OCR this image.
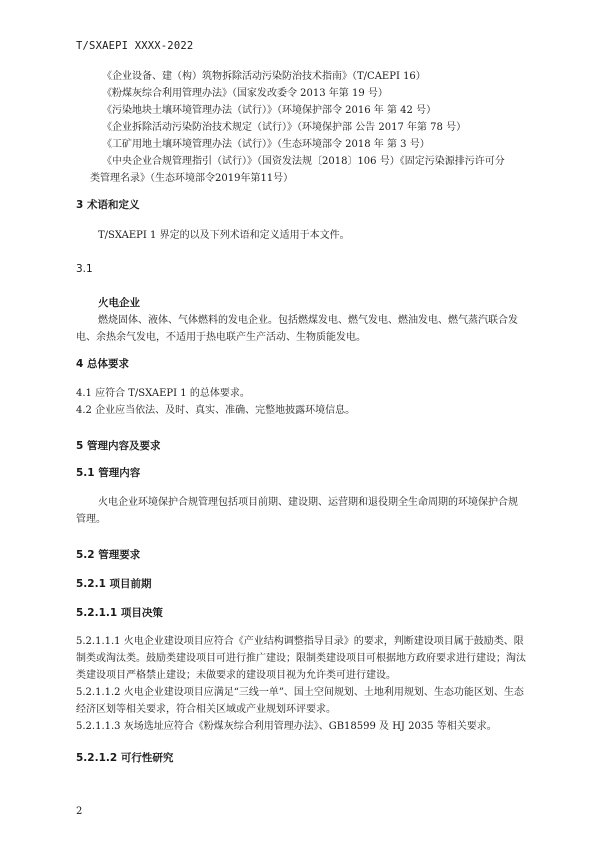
T/SXAEPI XXXX-2022
《企业设备、建（构）筑物拆除活动污染防治技术指南》（T/CAEPI 16）
《粉煤灰综合利用管理办法》（国家发改委令 2013 年第 19 号）
《污染地块土壤环境管理办法（试行）》（环境保护部令 2016 年 第 42 号）
《企业拆除活动污染防治技术规定（试行）》（环境保护部 公告 2017 年第 78 号）
《工矿用地土壤环境管理办法（试行）》（生态环境部令 2018 年 第 3 号）
《中央企业合规管理指引（试行）》（国资发法规〔2018〕106 号）《固定污染源排污许可分类管理名录》（生态环境部令2019年第11号）
3 术语和定义
T/SXAEPI 1 界定的以及下列术语和定义适用于本文件。
3.1
火电企业
燃烧固体、液体、气体燃料的发电企业。包括燃煤发电、燃气发电、燃油发电、燃气蒸汽联合发电、余热余气发电，不适用于热电联产生产活动、生物质能发电。
4 总体要求
4.1 应符合 T/SXAEPI 1 的总体要求。
4.2 企业应当依法、及时、真实、准确、完整地披露环境信息。
5 管理内容及要求
5.1 管理内容
火电企业环境保护合规管理包括项目前期、建设期、运营期和退役期全生命周期的环境保护合规管理。
5.2 管理要求
5.2.1 项目前期
5.2.1.1 项目决策
5.2.1.1.1 火电企业建设项目应符合《产业结构调整指导目录》的要求，判断建设项目属于鼓励类、限制类或淘汰类。鼓励类建设项目可进行推广建设；限制类建设项目可根据地方政府要求进行建设；淘汰类建设项目严格禁止建设；未做要求的建设项目视为允许类可进行建设。
5.2.1.1.2 火电企业建设项目应满足“三线一单”、国土空间规划、土地利用规划、生态功能区划、生态经济区划等相关要求，符合相关区域或产业规划环评要求。
5.2.1.1.3 灰场选址应符合《粉煤灰综合利用管理办法》、GB18599 及 HJ 2035 等相关要求。
5.2.1.2 可行性研究
2
